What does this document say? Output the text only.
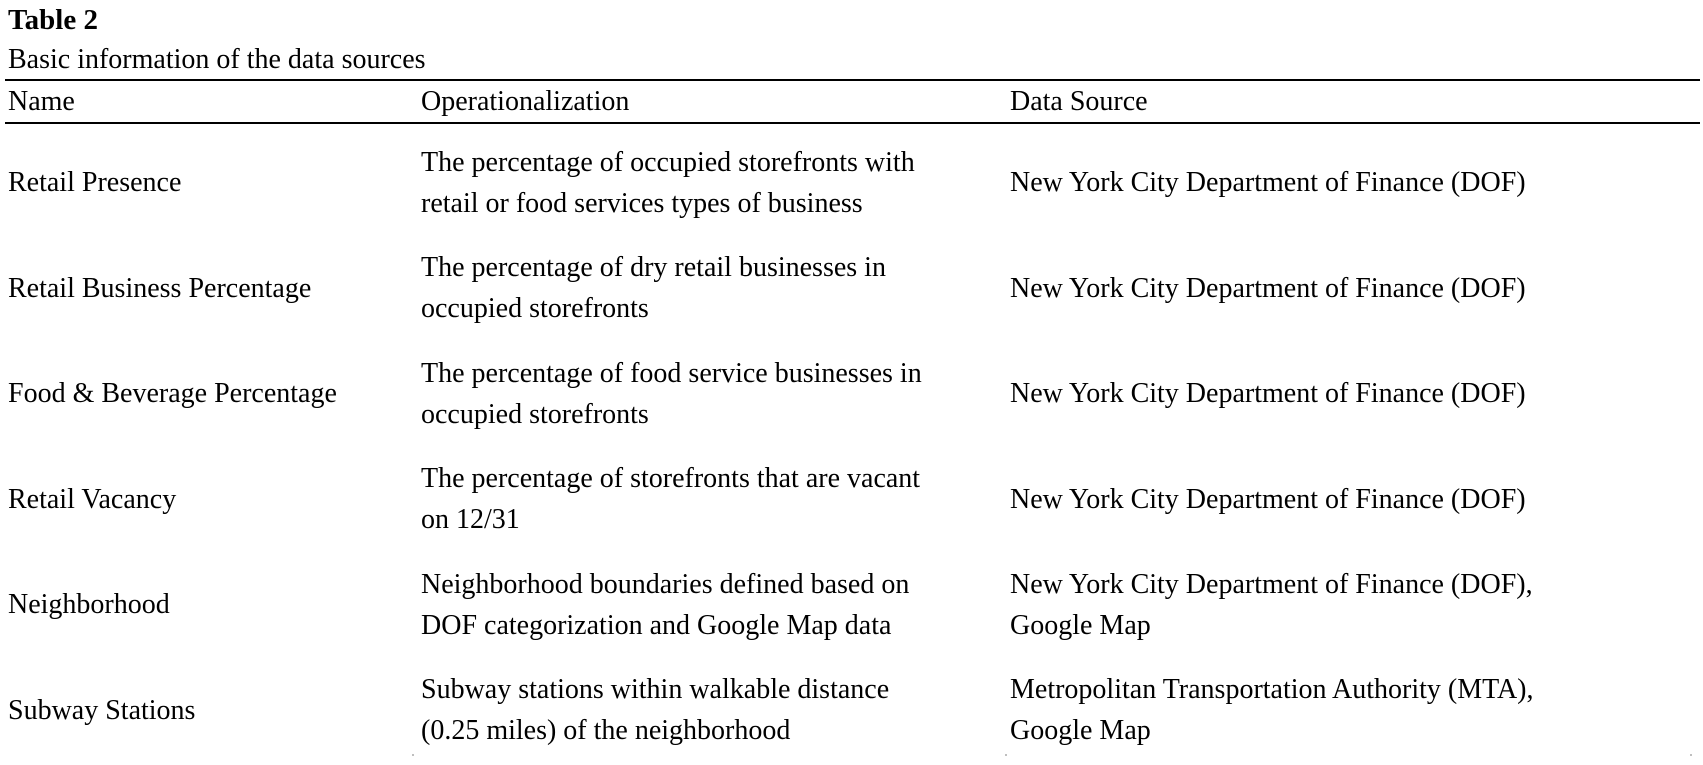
Table 2
Basic information of the data sources
Name	Operationalization	Data Source
Retail Presence
The percentage of occupied storefronts with
retail or food services types of business
New York City Department of Finance (DOF)
Retail Business Percentage
The percentage of dry retail businesses in
occupied storefronts
New York City Department of Finance (DOF)
Food & Beverage Percentage
The percentage of food service businesses in
occupied storefronts
New York City Department of Finance (DOF)
Retail Vacancy
The percentage of storefronts that are vacant
on 12/31
New York City Department of Finance (DOF)
Neighborhood
Neighborhood boundaries defined based on
DOF categorization and Google Map data
New York City Department of Finance (DOF),
Google Map
Subway Stations
Subway stations within walkable distance
(0.25 miles) of the neighborhood
Metropolitan Transportation Authority (MTA),
Google Map
